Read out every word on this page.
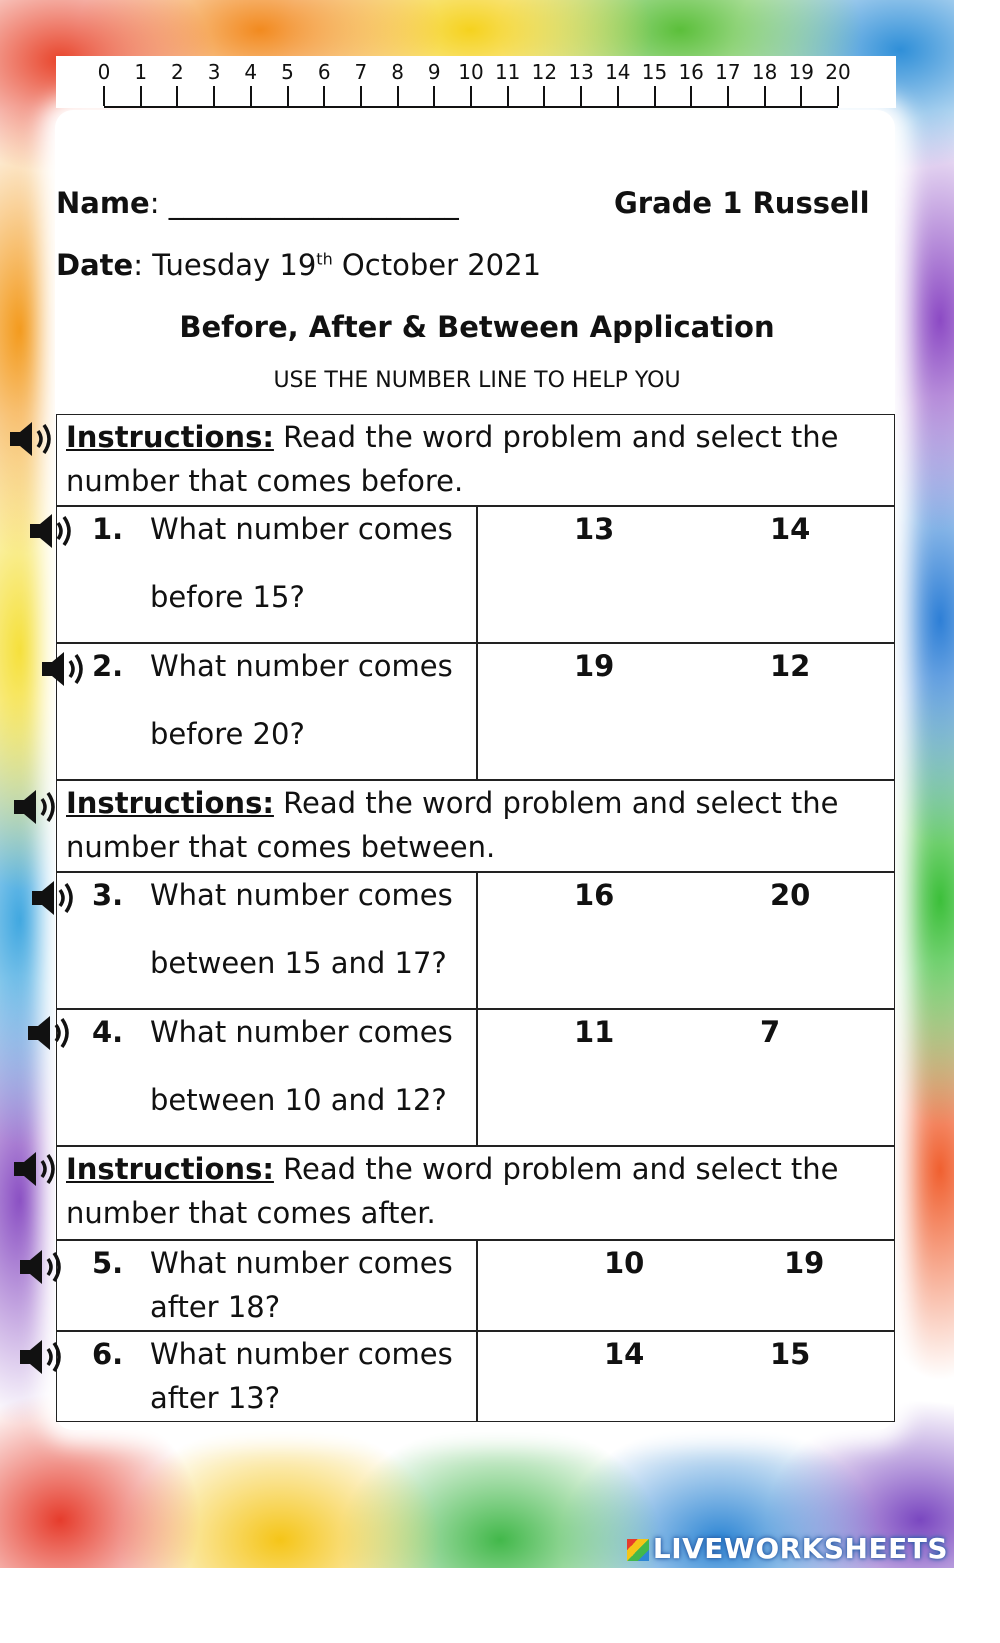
0 1 2 3 4 5 6 7 8 9 10 11 12 13 14 15 16 17 18 19 20
Name: ____________________	Grade 1 Russell
Date: Tuesday 19th October 2021
Before, After & Between Application
USE THE NUMBER LINE TO HELP YOU
Instructions: Read the word problem and select the
number that comes before.
1. What number comes
before 15?
13	14
2. What number comes
before 20?
19	12
Instructions: Read the word problem and select the
number that comes between.
3. What number comes
between 15 and 17?
16	20
4. What number comes
between 10 and 12?
11	7
Instructions: Read the word problem and select the
number that comes after.
5. What number comes
after 18?
10	19
6. What number comes
after 13?
14	15
LIVEWORKSHEETS
